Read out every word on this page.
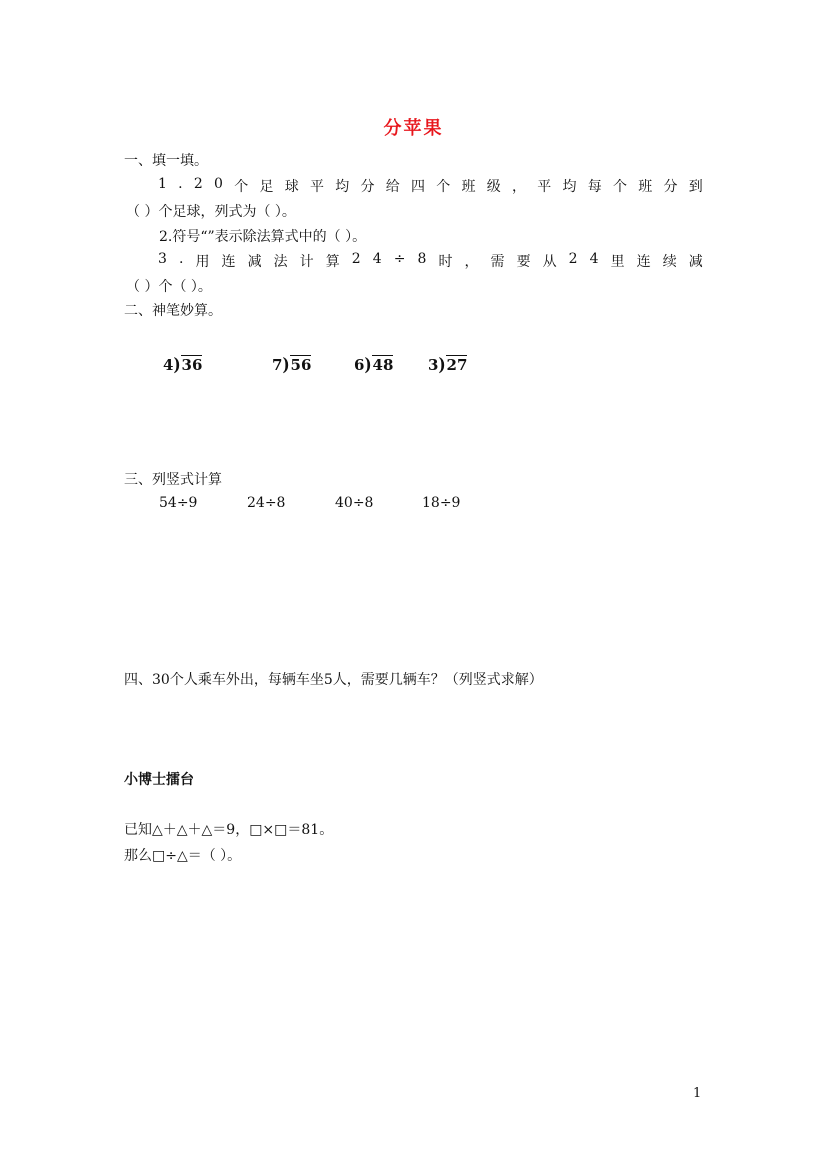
分苹果
一、填一填。
1 . 2 0 个 足 球 平 均 分 给 四 个 班 级 ， 平 均 每 个 班 分 到
（ ）个足球，列式为（ ）。
2.符号“”表示除法算式中的（ ）。
3 . 用 连 减 法 计 算 2 4 ÷ 8 时 ， 需 要 从 2 4 里 连 续 减
（ ）个（ ）。
二、神笔妙算。
4)36	7)56	6)48 3)27
三、列竖式计算
54÷9	24÷8	40÷8	18÷9
四、30个人乘车外出，每辆车坐5人，需要几辆车？（列竖式求解）
小博士擂台
已知△＋△＋△＝9，□×□＝81。
那么□÷△＝（ ）。
1
